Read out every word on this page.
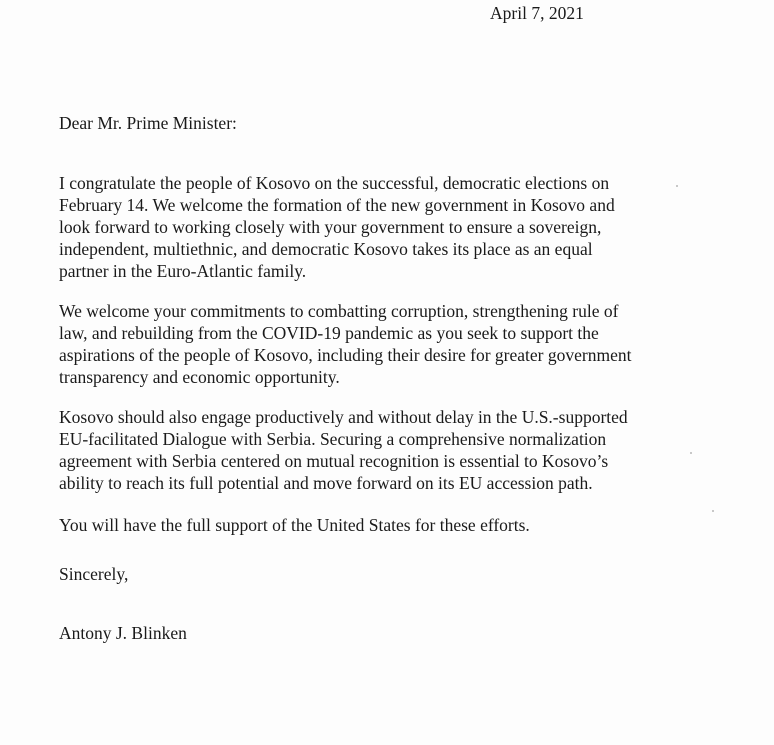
April 7, 2021
Dear Mr. Prime Minister:
I congratulate the people of Kosovo on the successful, democratic elections on
February 14. We welcome the formation of the new government in Kosovo and
look forward to working closely with your government to ensure a sovereign,
independent, multiethnic, and democratic Kosovo takes its place as an equal
partner in the Euro-Atlantic family.
We welcome your commitments to combatting corruption, strengthening rule of
law, and rebuilding from the COVID-19 pandemic as you seek to support the
aspirations of the people of Kosovo, including their desire for greater government
transparency and economic opportunity.
Kosovo should also engage productively and without delay in the U.S.-supported
EU-facilitated Dialogue with Serbia. Securing a comprehensive normalization
agreement with Serbia centered on mutual recognition is essential to Kosovo’s
ability to reach its full potential and move forward on its EU accession path.
You will have the full support of the United States for these efforts.
Sincerely,
Antony J. Blinken
